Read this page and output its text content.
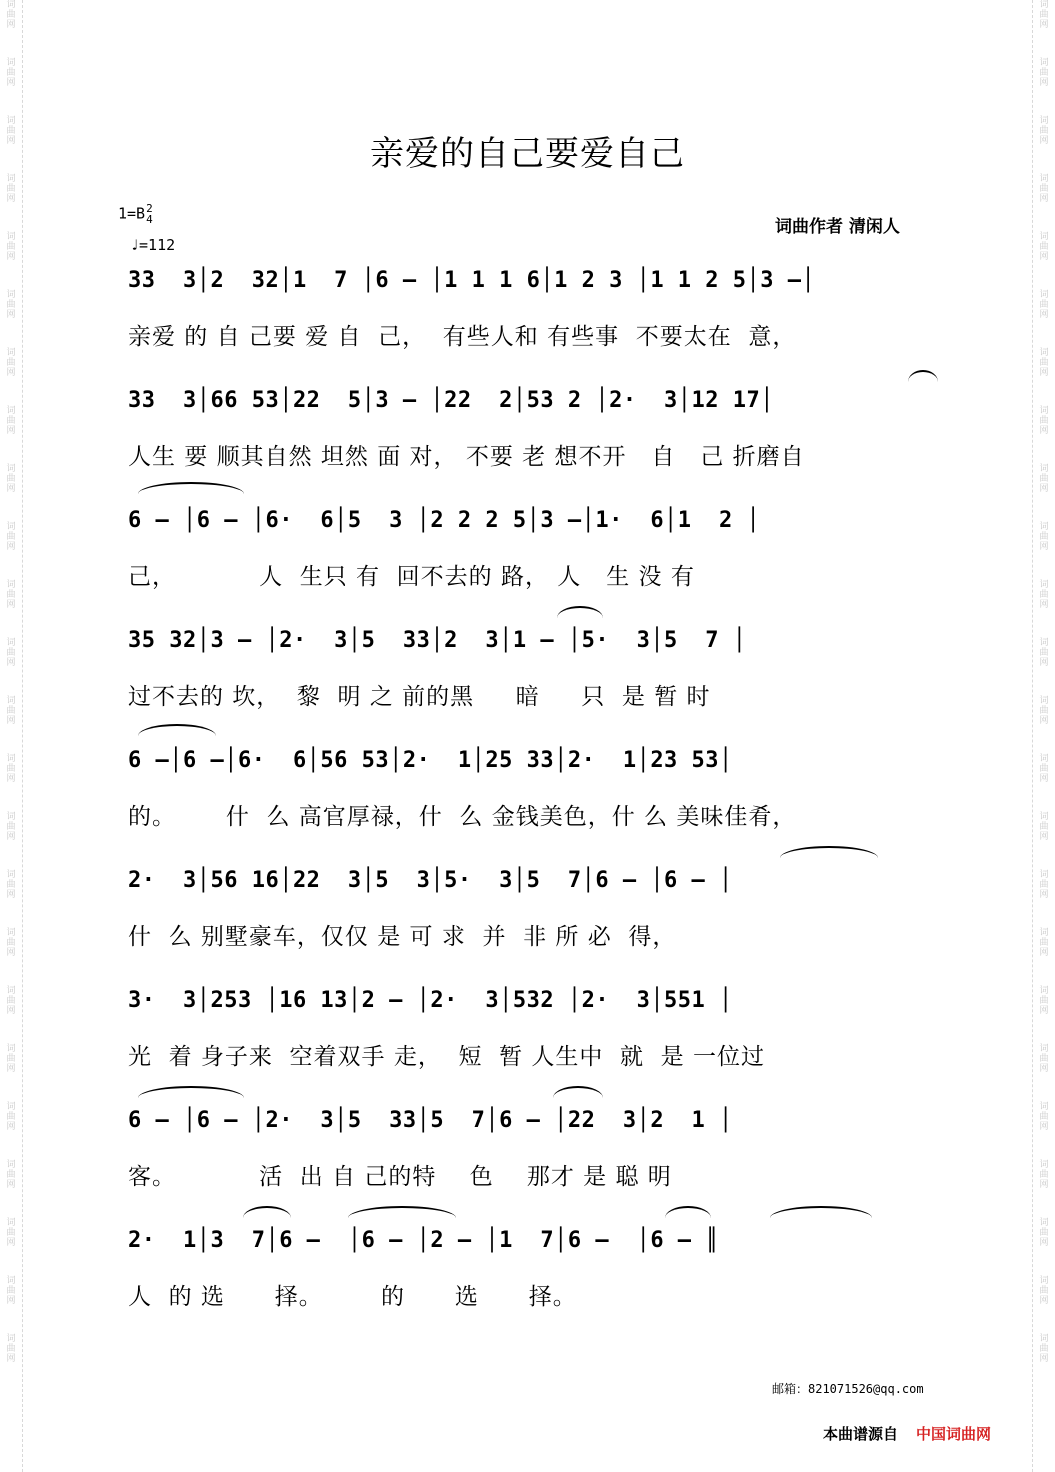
词曲网
词曲网
词曲网
词曲网
词曲网
词曲网
词曲网
词曲网
词曲网
词曲网
词曲网
词曲网
词曲网
词曲网
词曲网
词曲网
词曲网
词曲网
词曲网
词曲网
词曲网
词曲网
词曲网
词曲网
词曲网
词曲网
词曲网
词曲网
词曲网
词曲网
词曲网
词曲网
词曲网
词曲网
词曲网
词曲网
词曲网
词曲网
词曲网
词曲网
词曲网
词曲网
词曲网
词曲网
词曲网
词曲网
词曲网
词曲网
亲爱的自己要爱自己
1=B2
4
♩=112
词曲作者 清闲人
33  3│2  32│1  7 │6 – │1 1 1 6│1 2 3 │1 1 2 5│3 –│
亲爱 的 自 己要 爱 自  己，  有些人和 有些事  不要太在  意，
33  3│66 53│22  5│3 – │22  2│53 2 │2·  3│12 17│
人生 要 顺其自然 坦然 面 对， 不要 老 想不开   自   己 折磨自
6 – │6 – │6·  6│5  3 │2 2 2 5│3 –│1·  6│1  2 │
己，          人  生只 有  回不去的 路， 人   生 没 有
35 32│3 – │2·  3│5  33│2  3│1 – │5·  3│5  7 │
过不去的 坎，  黎  明 之 前的黑     暗     只  是 暂 时
6 –│6 –│6·  6│56 53│2·  1│25 33│2·  1│23 53│
的。      什  么 高官厚禄，什  么 金钱美色，什 么 美味佳肴，
2·  3│56 16│22  3│5  3│5·  3│5  7│6 – │6 – │
什  么 别墅豪车，仅仅 是 可 求  并  非 所 必  得，
3·  3│253 │16 13│2 – │2·  3│532 │2·  3│551 │
光  着 身子来  空着双手 走，  短  暂 人生中  就  是 一位过
6 – │6 – │2·  3│5  33│5  7│6 – │22  3│2  1 │
客。          活  出 自 己的特    色    那才 是 聪 明
2·  1│3  7│6 –  │6 – │2 – │1  7│6 –  │6 – ║
人  的 选      择。       的      选      择。
邮箱：821071526@qq.com
本曲谱源自 中国词曲网
